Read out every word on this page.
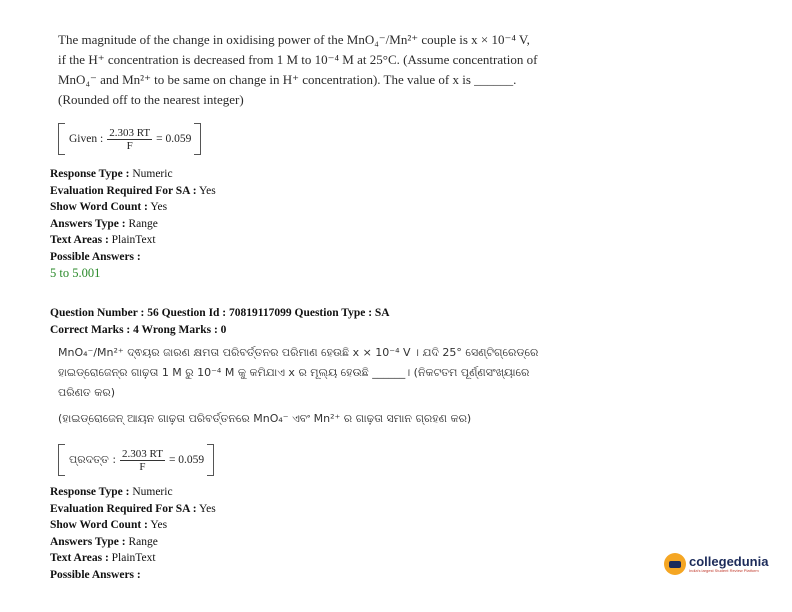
The magnitude of the change in oxidising power of the MnO₄⁻/Mn²⁺ couple is x × 10⁻⁴ V,
if the H⁺ concentration is decreased from 1 M to 10⁻⁴ M at 25°C. (Assume concentration of
MnO₄⁻ and Mn²⁺ to be same on change in H⁺ concentration). The value of x is ______.
(Rounded off to the nearest integer)
Given : $\frac{2.303 RT}{F} = 0.059$
Response Type : Numeric
Evaluation Required For SA : Yes
Show Word Count : Yes
Answers Type : Range
Text Areas : PlainText
Possible Answers :
5 to 5.001
Question Number : 56 Question Id : 70819117099 Question Type : SA
Correct Marks : 4 Wrong Marks : 0
MnO₄⁻/Mn²⁺ ଦ୍ଵୟର ଜାରଣ କ୍ଷମତା ପରିବର୍ତ୍ତନର ପରିମାଣ ହେଉଛି x × 10⁻⁴ V । ଯଦି 25° ସେଣ୍ଟିଗ୍ରେଡ୍‌ରେ
ହାଇଡ୍ରୋଜେନ୍‌ର ଗାଢ଼ତା 1 M ରୁ 10⁻⁴ M କୁ କମିଯାଏ x ର ମୂଲ୍ୟ ହେଉଛି ______। (ନିକଟତମ ପୂର୍ଣ୍ଣସଂଖ୍ୟାରେ
ପରିଣତ କର)
(ହାଇଡ୍ରୋଜେନ୍ ଆୟନ ଗାଢ଼ତା ପରିବର୍ତ୍ତନରେ MnO₄⁻ ଏବଂ Mn²⁺ ର ଗାଢ଼ତା ସମାନ ଗ୍ରହଣ କର)
ପ୍ରଦତ୍ତ : $\frac{2.303 RT}{F} = 0.059$
Response Type : Numeric
Evaluation Required For SA : Yes
Show Word Count : Yes
Answers Type : Range
Text Areas : PlainText
Possible Answers :
collegedunia
India's largest Student Review Platform
